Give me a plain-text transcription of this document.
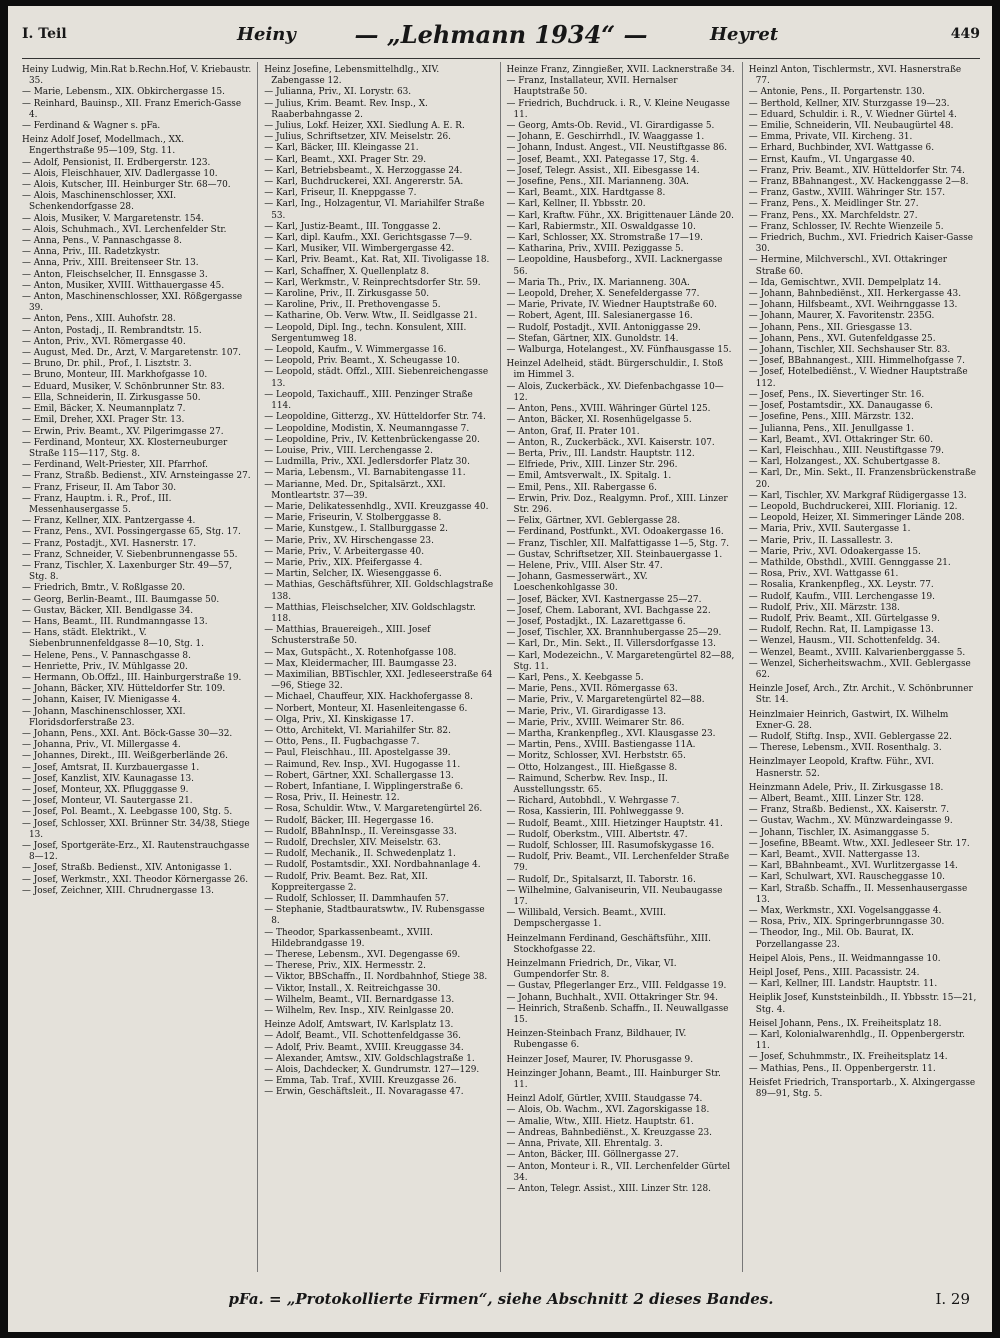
I. Teil	Heiny	— „Lehmann 1934“ —	Heyret	449

Heiny Ludwig, Min.Rat b.Rechn.Hof, V. Kriebaustr. 35.

— Marie, Lebensm., XIX. Obkirchergasse 15.

— Reinhard, Bauinsp., XII. Franz Emerich-Gasse 4.

— Ferdinand & Wagner s. pFa.

Heinz Adolf Josef, Modellmach., XX. Engerthstraße 95—109, Stg. 11.

— Adolf, Pensionist, II. Erdbergerstr. 123.

— Alois, Fleischhauer, XIV. Dadlergasse 10.

— Alois, Kutscher, III. Heinburger Str. 68—70.

— Alois, Maschinenschlosser, XXI. Schenkendorfgasse 28.

— Alois, Musiker, V. Margaretenstr. 154.

— Alois, Schuhmach., XVI. Lerchenfelder Str.

— Anna, Pens., V. Pannaschgasse 8.

— Anna, Priv., III. Radetzkystr.

— Anna, Priv., XIII. Breitenseer Str. 13.

— Anton, Fleischselcher, II. Ennsgasse 3.

— Anton, Musiker, XVIII. Witthauergasse 45.

— Anton, Maschinenschlosser, XXI. Rößgergasse 39.

— Anton, Pens., XIII. Auhofstr. 28.

— Anton, Postadj., II. Rembrandtstr. 15.

— Anton, Priv., XVI. Römergasse 40.

— August, Med. Dr., Arzt, V. Margaretenstr. 107.

— Bruno, Dr. phil., Prof., I. Lisztstr. 3.

— Bruno, Monteur, III. Markhofgasse 10.

— Eduard, Musiker, V. Schönbrunner Str. 83.

— Ella, Schneiderin, II. Zirkusgasse 50.

— Emil, Bäcker, X. Neumannplatz 7.

— Emil, Dreher, XXI. Prager Str. 13.

— Erwin, Priv. Beamt., XV. Pilgerimgasse 27.

— Ferdinand, Monteur, XX. Klosterneuburger Straße 115—117, Stg. 8.

— Ferdinand, Welt-Priester, XII. Pfarrhof.

— Franz, Straßb. Bedienst., XIV. Arnsteingasse 27.

— Franz, Friseur, II. Am Tabor 30.

— Franz, Hauptm. i. R., Prof., III. Messenhausergasse 5.

— Franz, Kellner, XIX. Pantzergasse 4.

— Franz, Pens., XVI. Possingergasse 65, Stg. 17.

— Franz, Postadjt., XVI. Hasnerstr. 17.

— Franz, Schneider, V. Siebenbrunnengasse 55.

— Franz, Tischler, X. Laxenburger Str. 49—57, Stg. 8.

— Friedrich, Bmtr., V. Roßlgasse 20.

— Georg, Berlin-Beamt., III. Baumgasse 50.

— Gustav, Bäcker, XII. Bendlgasse 34.

— Hans, Beamt., III. Rundmanngasse 13.

— Hans, städt. Elektrikt., V. Siebenbrunnenfeldgasse 8—10, Stg. 1.

— Helene, Pens., V. Pannaschgasse 8.

— Henriette, Priv., IV. Mühlgasse 20.

— Hermann, Ob.Offzl., III. Hainburgerstraße 19.

— Johann, Bäcker, XIV. Hütteldorfer Str. 109.

— Johann, Kaiser, IV. Mienigasse 4.

— Johann, Maschinenschlosser, XXI. Floridsdorferstraße 23.

— Johann, Pens., XXI. Ant. Böck-Gasse 30—32.

— Johanna, Priv., VI. Millergasse 4.

— Johannes, Direkt., III. Weißgerberlände 26.

— Josef, Amtsrat, II. Kurzbauergasse 1.

— Josef, Kanzlist, XIV. Kaunagasse 13.

— Josef, Monteur, XX. Pflugggasse 9.

— Josef, Monteur, VI. Sautergasse 21.

— Josef, Pol. Beamt., X. Leebgasse 100, Stg. 5.

— Josef, Schlosser, XXI. Brünner Str. 34/38, Stiege 13.

— Josef, Sportgeräte-Erz., XI. Rautenstrauchgasse 8—12.

— Josef, Straßb. Bedienst., XIV. Antonigasse 1.

— Josef, Werkmstr., XXI. Theodor Körnergasse 26.

— Josef, Zeichner, XIII. Chrudnergasse 13.

Heinz Josefine, Lebensmittelhdlg., XIV. Zabengasse 12.

— Julianna, Priv., XI. Lorystr. 63.

— Julius, Krim. Beamt. Rev. Insp., X. Raaberbahngasse 2.

— Julius, Lokf. Heizer, XXI. Siedlung A. E. R.

— Julius, Schriftsetzer, XIV. Meiselstr. 26.

— Karl, Bäcker, III. Kleingasse 21.

— Karl, Beamt., XXI. Prager Str. 29.

— Karl, Betriebsbeamt., X. Herzoggasse 24.

— Karl, Buchdruckerei, XXI. Angererstr. 5A.

— Karl, Friseur, II. Kneppgasse 7.

— Karl, Ing., Holzagentur, VI. Mariahilfer Straße 53.

— Karl, Justiz-Beamt., III. Tonggasse 2.

— Karl, dipl. Kaufm., XXI. Gerichtsgasse 7—9.

— Karl, Musiker, VII. Wimbergergasse 42.

— Karl, Priv. Beamt., Kat. Rat, XII. Tivoligasse 18.

— Karl, Schaffner, X. Quellenplatz 8.

— Karl, Werkmstr., V. Reinprechtsdorfer Str. 59.

— Karoline, Priv., II. Zirkusgasse 50.

— Karoline, Priv., II. Prethovengasse 5.

— Katharine, Ob. Verw. Wtw., II. Seidlgasse 21.

— Leopold, Dipl. Ing., techn. Konsulent, XIII. Sergentumweg 18.

— Leopold, Kaufm., V. Wimmergasse 16.

— Leopold, Priv. Beamt., X. Scheugasse 10.

— Leopold, städt. Offzl., XIII. Siebenreichengasse 13.

— Leopold, Taxichauff., XIII. Penzinger Straße 114.

— Leopoldine, Gitterzg., XV. Hütteldorfer Str. 74.

— Leopoldine, Modistin, X. Neumanngasse 7.

— Leopoldine, Priv., IV. Kettenbrückengasse 20.

— Louise, Priv., VIII. Lerchengasse 2.

— Ludmilla, Priv., XXI. Jedlersdorfer Platz 30.

— Maria, Lebensm., VI. Barnabitengasse 11.

— Marianne, Med. Dr., Spitalsärzt., XXI. Montleartstr. 37—39.

— Marie, Delikatessenhdlg., XVII. Kreuzgasse 40.

— Marie, Friseurin, V. Stolberggasse 8.

— Marie, Kunstgew., I. Stallburggasse 2.

— Marie, Priv., XV. Hirschengasse 23.

— Marie, Priv., V. Arbeitergasse 40.

— Marie, Priv., XIX. Pfeifergasse 4.

— Martin, Selcher, IX. Wiesenggasse 6.

— Mathias, Geschäftsführer, XII. Goldschlagstraße 138.

— Matthias, Fleischselcher, XIV. Goldschlagstr. 118.

— Matthias, Brauereigeh., XIII. Josef Schusterstraße 50.

— Max, Gutspächt., X. Rotenhofgasse 108.

— Max, Kleidermacher, III. Baumgasse 23.

— Maximilian, BBTischler, XXI. Jedleseerstraße 64—96, Stiege 32.

— Michael, Chauffeur, XIX. Hackhofergasse 8.

— Norbert, Monteur, XI. Hasenleitengasse 6.

— Olga, Priv., XI. Kinskigasse 17.

— Otto, Architekt, VI. Mariahilfer Str. 82.

— Otto, Pens., II. Fugbachgasse 7.

— Paul, Fleischhau., III. Apostelgasse 39.

— Raimund, Rev. Insp., XVI. Hugogasse 11.

— Robert, Gärtner, XXI. Schallergasse 13.

— Robert, Infantiane, I. Wipplingerstraße 6.

— Rosa, Priv., II. Heinestr. 12.

— Rosa, Schuldir. Wtw., V. Margaretengürtel 26.

— Rudolf, Bäcker, III. Hegergasse 16.

— Rudolf, BBahnInsp., II. Vereinsgasse 33.

— Rudolf, Drechsler, XIV. Meiselstr. 63.

— Rudolf, Mechanik., II. Schwedenplatz 1.

— Rudolf, Postamtsdir., XXI. Nordbahnanlage 4.

— Rudolf, Priv. Beamt. Bez. Rat, XII. Koppreitergasse 2.

— Rudolf, Schlosser, II. Dammhaufen 57.

— Stephanie, Stadtbauratswtw., IV. Rubensgasse 8.

— Theodor, Sparkassenbeamt., XVIII. Hildebrandgasse 19.

— Therese, Lebensm., XVI. Degengasse 69.

— Therese, Priv., XIX. Hermesstr. 2.

— Viktor, BBSchaffn., II. Nordbahnhof, Stiege 38.

— Viktor, Install., X. Reitreichgasse 30.

— Wilhelm, Beamt., VII. Bernardgasse 13.

— Wilhelm, Rev. Insp., XIV. Reinlgasse 20.

Heinze Adolf, Amtswart, IV. Karlsplatz 13.

— Adolf, Beamt., VII. Schottenfeldgasse 36.

— Adolf, Priv. Beamt., XVIII. Kreuggasse 34.

— Alexander, Amtsw., XIV. Goldschlagstraße 1.

— Alois, Dachdecker, X. Gundrumstr. 127—129.

— Emma, Tab. Traf., XVIII. Kreuzgasse 26.

— Erwin, Geschäftsleit., II. Novaragasse 47.

Heinze Franz, Zinngießer, XVII. Lacknerstraße 34.

— Franz, Installateur, XVII. Hernalser Hauptstraße 50.

— Friedrich, Buchdruck. i. R., V. Kleine Neugasse 11.

— Georg, Amts-Ob. Revid., VI. Girardigasse 5.

— Johann, E. Geschirrhdl., IV. Waaggasse 1.

— Johann, Indust. Angest., VII. Neustiftgasse 86.

— Josef, Beamt., XXI. Pategasse 17, Stg. 4.

— Josef, Telegr. Assist., XII. Eibesgasse 14.

— Josefine, Pens., XII. Marianneng. 30A.

— Karl, Beamt., XIX. Hardtgasse 8.

— Karl, Kellner, II. Ybbsstr. 20.

— Karl, Kraftw. Führ., XX. Brigittenauer Lände 20.

— Karl, Rabiermstr., XII. Oswaldgasse 10.

— Karl, Schlosser, XX. Stromstraße 17—19.

— Katharina, Priv., XVIII. Peziggasse 5.

— Leopoldine, Hausbeforg., XVII. Lacknergasse 56.

— Maria Th., Priv., IX. Marianneng. 30A.

— Leopold, Dreher, X. Senefeldergasse 77.

— Marie, Private, IV. Wiedner Hauptstraße 60.

— Robert, Agent, III. Salesianergasse 16.

— Rudolf, Postadjt., XVII. Antoniggasse 29.

— Stefan, Gärtner, XIX. Gunoldstr. 14.

— Walburga, Hotelangest., XV. Fünfhausgasse 15.

Heinzel Adelheid, städt. Bürgerschuldir., I. Stoß im Himmel 3.

— Alois, Zuckerbäck., XV. Diefenbachgasse 10—12.

— Anton, Pens., XVIII. Währinger Gürtel 125.

— Anton, Bäcker, XI. Rosenhügelgasse 5.

— Anton, Graf, II. Prater 101.

— Anton, R., Zuckerbäck., XVI. Kaiserstr. 107.

— Berta, Priv., III. Landstr. Hauptstr. 112.

— Elfriede, Priv., XIII. Linzer Str. 296.

— Emil, Amtsverwalt., IX. Spitalg. 1.

— Emil, Pens., XII. Rabergasse 6.

— Erwin, Priv. Doz., Realgymn. Prof., XIII. Linzer Str. 296.

— Felix, Gärtner, XVI. Geblergasse 28.

— Ferdinand, Postfunkt., XVI. Odoakergasse 16.

— Franz, Tischler, XII. Malfattigasse 1—5, Stg. 7.

— Gustav, Schriftsetzer, XII. Steinbauergasse 1.

— Helene, Priv., VIII. Alser Str. 47.

— Johann, Gasmesserwärt., XV. Loeschenkohlgasse 30.

— Josef, Bäcker, XVI. Kastnergasse 25—27.

— Josef, Chem. Laborant, XVI. Bachgasse 22.

— Josef, Postadjkt., IX. Lazarettgasse 6.

— Josef, Tischler, XX. Brannhubergasse 25—29.

— Karl, Dr., Min. Sekt., II. Villersdorfgasse 13.

— Karl, Modezeichn., V. Margaretengürtel 82—88, Stg. 11.

— Karl, Pens., X. Keebgasse 5.

— Marie, Pens., XVII. Römergasse 63.

— Marie, Priv., V. Margaretengürtel 82—88.

— Marie, Priv., VI. Girardigasse 13.

— Marie, Priv., XVIII. Weimarer Str. 86.

— Martha, Krankenpfleg., XVI. Klausgasse 23.

— Martin, Pens., XVIII. Bastiengasse 11A.

— Moritz, Schlosser, XVI. Herbststr. 65.

— Otto, Holzangest., III. Hießgasse 8.

— Raimund, Scherbw. Rev. Insp., II. Ausstellungsstr. 65.

— Richard, Autobhdl., V. Wehrgasse 7.

— Rosa, Kassierin, III. Pohlweggasse 9.

— Rudolf, Beamt., XIII. Hietzinger Hauptstr. 41.

— Rudolf, Oberkstm., VIII. Albertstr. 47.

— Rudolf, Schlosser, III. Rasumofskygasse 16.

— Rudolf, Priv. Beamt., VII. Lerchenfelder Straße 79.

— Rudolf, Dr., Spitalsarzt, II. Taborstr. 16.

— Wilhelmine, Galvaniseurin, VII. Neubaugasse 17.

— Willibald, Versich. Beamt., XVIII. Dempschergasse 1.

Heinzelmann Ferdinand, Geschäftsführ., XIII. Stockhofgasse 22.

Heinzelmann Friedrich, Dr., Vikar, VI. Gumpendorfer Str. 8.

— Gustav, Pflegerlanger Erz., VIII. Feldgasse 19.

— Johann, Buchhalt., XVII. Ottakringer Str. 94.

— Heinrich, Straßenb. Schaffn., II. Neuwallgasse 15.

Heinzen-Steinbach Franz, Bildhauer, IV. Rubengasse 6.

Heinzer Josef, Maurer, IV. Phorusgasse 9.

Heinzinger Johann, Beamt., III. Hainburger Str. 11.

Heinzl Adolf, Gürtler, XVIII. Staudgasse 74.

— Alois, Ob. Wachm., XVI. Zagorskigasse 18.

— Amalie, Wtw., XIII. Hietz. Hauptstr. 61.

— Andreas, Bahnbediënst., X. Kreuzgasse 23.

— Anna, Private, XII. Ehrentalg. 3.

— Anton, Bäcker, III. Göllnergasse 27.

— Anton, Monteur i. R., VII. Lerchenfelder Gürtel 34.

— Anton, Telegr. Assist., XIII. Linzer Str. 128.

Heinzl Anton, Tischlermstr., XVI. Hasnerstraße 77.

— Antonie, Pens., II. Porgartenstr. 130.

— Berthold, Kellner, XIV. Sturzgasse 19—23.

— Eduard, Schuldir. i. R., V. Wiedner Gürtel 4.

— Emilie, Schneiderin, VII. Neubaugürtel 48.

— Emma, Private, VII. Kircheng. 31.

— Erhard, Buchbinder, XVI. Wattgasse 6.

— Ernst, Kaufm., VI. Ungargasse 40.

— Franz, Priv. Beamt., XIV. Hütteldorfer Str. 74.

— Franz, BBahnangest., XV. Hackenggasse 2—8.

— Franz, Gastw., XVIII. Währinger Str. 157.

— Franz, Pens., X. Meidlinger Str. 27.

— Franz, Pens., XX. Marchfeldstr. 27.

— Franz, Schlosser, IV. Rechte Wienzeile 5.

— Friedrich, Buchm., XVI. Friedrich Kaiser-Gasse 30.

— Hermine, Milchverschl., XVI. Ottakringer Straße 60.

— Ida, Gemischtwr., XVII. Dempelplatz 14.

— Johann, Bahnbediënst., XII. Herkergasse 43.

— Johann, Hilfsbeamt., XVI. Weihrnggasse 13.

— Johann, Maurer, X. Favoritenstr. 235G.

— Johann, Pens., XII. Griesgasse 13.

— Johann, Pens., XVI. Gutenfeldgasse 25.

— Johann, Tischler, XII. Sechshauser Str. 83.

— Josef, BBahnangest., XIII. Himmelhofgasse 7.

— Josef, Hotelbediënst., V. Wiedner Hauptstraße 112.

— Josef, Pens., IX. Sievertinger Str. 16.

— Josef, Postamtsdir., XX. Danaugasse 6.

— Josefine, Pens., XIII. Märzstr. 132.

— Julianna, Pens., XII. Jenullgasse 1.

— Karl, Beamt., XVI. Ottakringer Str. 60.

— Karl, Fleischhau., XIII. Neustiftgasse 79.

— Karl, Holzangest., XX. Schubertgasse 8.

— Karl, Dr., Min. Sekt., II. Franzensbrückenstraße 20.

— Karl, Tischler, XV. Markgraf Rüdigergasse 13.

— Leopold, Buchdruckerei, XIII. Florianig. 12.

— Leopold, Heizer, XI. Simmeringer Lände 208.

— Maria, Priv., XVII. Sautergasse 1.

— Marie, Priv., II. Lassallestr. 3.

— Marie, Priv., XVI. Odoakergasse 15.

— Mathilde, Obsthdl., XVIII. Gennggasse 21.

— Rosa, Priv., XVI. Wattgasse 61.

— Rosalia, Krankenpfleg., XX. Leystr. 77.

— Rudolf, Kaufm., VIII. Lerchengasse 19.

— Rudolf, Priv., XII. Märzstr. 138.

— Rudolf, Priv. Beamt., XII. Gürtelgasse 9.

— Rudolf, Rechn. Rat, II. Lampigasse 13.

— Wenzel, Hausm., VII. Schottenfeldg. 34.

— Wenzel, Beamt., XVIII. Kalvarienberggasse 5.

— Wenzel, Sicherheitswachm., XVII. Geblergasse 62.

Heinzle Josef, Arch., Ztr. Archit., V. Schönbrunner Str. 14.

Heinzlmaier Heinrich, Gastwirt, IX. Wilhelm Exner-G. 28.

— Rudolf, Stiftg. Insp., XVII. Geblergasse 22.

— Therese, Lebensm., XVII. Rosenthalg. 3.

Heinzlmayer Leopold, Kraftw. Führ., XVI. Hasnerstr. 52.

Heinzmann Adele, Priv., II. Zirkusgasse 18.

— Albert, Beamt., XIII. Linzer Str. 128.

— Franz, Straßb. Bedienst., XX. Kaiserstr. 7.

— Gustav, Wachm., XV. Münzwardeingasse 9.

— Johann, Tischler, IX. Asimanggasse 5.

— Josefine, BBeamt. Wtw., XXI. Jedleseer Str. 17.

— Karl, Beamt., XVII. Nattergasse 13.

— Karl, BBahnbeamt., XVI. Wurlitzergasse 14.

— Karl, Schulwart, XVI. Rauscheggasse 10.

— Karl, Straßb. Schaffn., II. Messenhausergasse 13.

— Max, Werkmstr., XXI. Vogelsanggasse 4.

— Rosa, Priv., XIX. Springerbrunngasse 30.

— Theodor, Ing., Mil. Ob. Baurat, IX. Porzellangasse 23.

Heipel Alois, Pens., II. Weidmanngasse 10.

Heipl Josef, Pens., XIII. Pacassistr. 24.

— Karl, Kellner, III. Landstr. Hauptstr. 11.

Heiplik Josef, Kunststeinbildh., II. Ybbsstr. 15—21, Stg. 4.

Heisel Johann, Pens., IX. Freiheitsplatz 18.

— Karl, Kolonialwarenhdlg., II. Oppenbergerstr. 11.

— Josef, Schuhmmstr., IX. Freiheitsplatz 14.

— Mathias, Pens., II. Oppenbergerstr. 11.

Heisfet Friedrich, Transportarb., X. Alxingergasse 89—91, Stg. 5.

pFa. = „Protokollierte Firmen“, siehe Abschnitt 2 dieses Bandes.	I. 29
